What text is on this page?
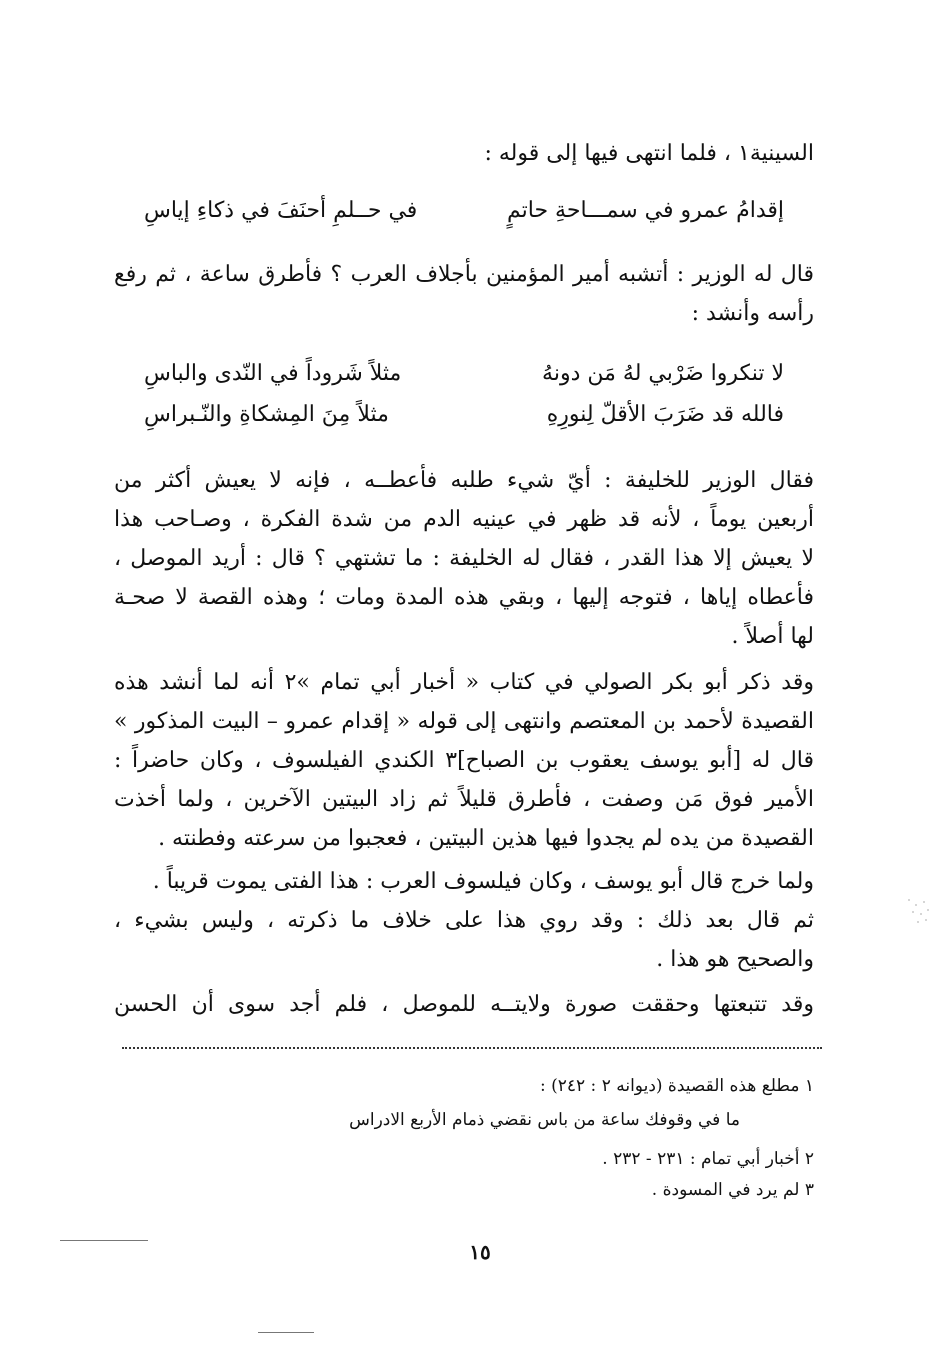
السينية١ ، فلما انتهى فيها إلى قوله :
إقدامُ عمرو في سمـــاحةِ حاتمٍ
في حــلمِ أحنَفَ في ذكاءِ إياسِ
قال له الوزير : أتشبه أمير المؤمنين بأجلاف العرب ؟ فأطرق ساعة ، ثم رفع
رأسه وأنشد :
لا تنكروا ضَرْبي لهُ مَن دونهُ
مثلاً شَروداً في النّدى والباسِ
فالله قد ضَرَبَ الأقلّ لِنورِهِ
مثلاً مِنَ المِشكاةِ والنّـبراسِ
فقال الوزير للخليفة : أيّ شيء طلبه فأعطــه ، فإنه لا يعيش أكثر من
أربعين يوماً ، لأنه قد ظهر في عينيه الدم من شدة الفكرة ، وصـاحب هذا
لا يعيش إلا هذا القدر ، فقال له الخليفة : ما تشتهي ؟ قال : أريد الموصل ،
فأعطاه إياها ، فتوجه إليها ، وبقي هذه المدة ومات ؛ وهذه القصة لا صحـة
لها أصلاً .
وقد ذكر أبو بكر الصولي في كتاب « أخبار أبي تمام »٢ أنه لما أنشد هذه
القصيدة لأحمد بن المعتصم وانتهى إلى قوله « إقدام عمرو – البيت المذكور »
قال له [أبو يوسف يعقوب بن الصباح]٣ الكندي الفيلسوف ، وكان حاضراً :
الأمير فوق مَن وصفت ، فأطرق قليلاً ثم زاد البيتين الآخرين ، ولما أخذت
القصيدة من يده لم يجدوا فيها هذين البيتين ، فعجبوا من سرعته وفطنته .
ولما خرج قال أبو يوسف ، وكان فيلسوف العرب : هذا الفتى يموت قريباً .
ثم قال بعد ذلك : وقد روي هذا على خلاف ما ذكرته ، وليس بشيء ،
والصحيح هو هذا .
وقد تتبعتها وحققت صورة ولايتــه للموصل ، فلم أجد سوى أن الحسن
١ مطلع هذه القصيدة (ديوانه ٢ : ٢٤٢) :
ما في وقوفك ساعة من باس نقضي ذمام الأربع الادراس
٢ أخبار أبي تمام : ٢٣١ - ٢٣٢ .
٣ لم يرد في المسودة .
١٥
